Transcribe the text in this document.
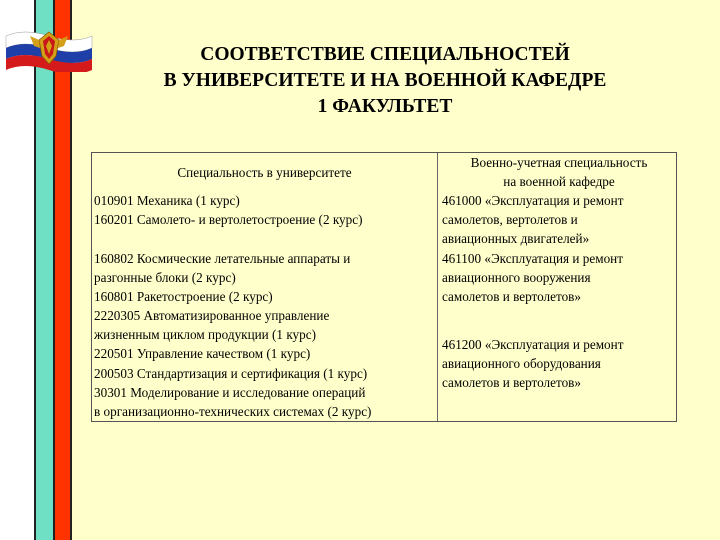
СООТВЕТСТВИЕ СПЕЦИАЛЬНОСТЕЙ
В УНИВЕРСИТЕТЕ И НА ВОЕННОЙ КАФЕДРЕ
1 ФАКУЛЬТЕТ
Специальность в университете
Военно-учетная специальность
на военной кафедре
010901 Механика (1 курс)
160201 Самолето- и вертолетостроение (2 курс)
160802 Космические летательные аппараты и
разгонные блоки (2 курс)
160801 Ракетостроение (2 курс)
2220305 Автоматизированное управление
жизненным циклом продукции (1 курс)
220501 Управление качеством (1 курс)
200503 Стандартизация и сертификация (1 курс)
30301 Моделирование и исследование операций
в организационно-технических системах (2 курс)
461000 «Эксплуатация и ремонт
самолетов, вертолетов и
авиационных двигателей»
461100 «Эксплуатация и ремонт
авиационного вооружения
самолетов и вертолетов»
461200 «Эксплуатация и ремонт
авиационного оборудования
самолетов и вертолетов»
